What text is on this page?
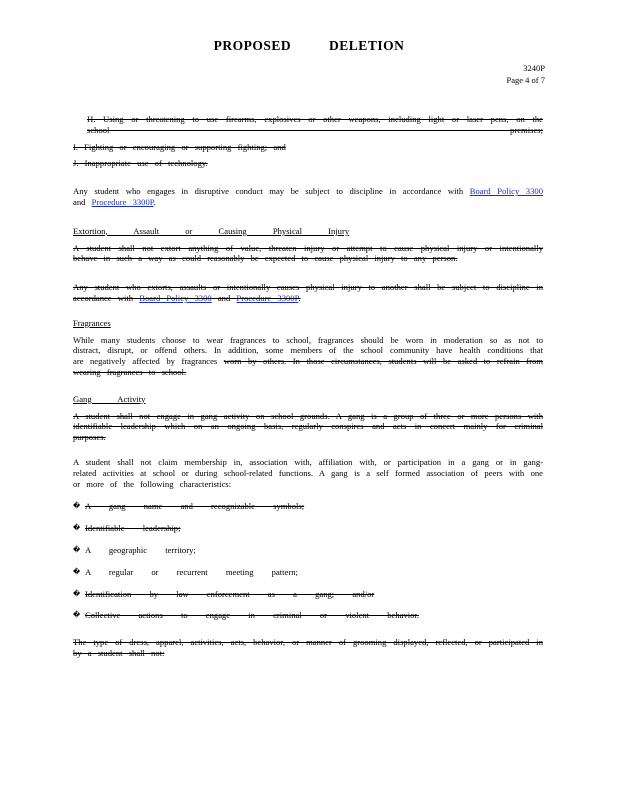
PROPOSED DELETION
3240P
Page 4 of 7

H. Using or threatening to use firearms, explosives or other weapons, including light or laser pens, on the school premises;

I. Fighting or encouraging or supporting fighting; and

J. Inappropriate use of technology.

Any student who engages in disruptive conduct may be subject to discipline in accordance with Board Policy 3300 and Procedure 3300P.

Extortion, Assault or Causing Physical Injury

A student shall not extort anything of value, threaten injury or attempt to cause physical injury or intentionally behave in such a way as could reasonably be expected to cause physical injury to any person.

Any student who extorts, assaults or intentionally causes physical injury to another shall be subject to discipline in accordance with Board Policy 3300 and Procedure 3300P.

Fragrances

While many students choose to wear fragrances to school, fragrances should be worn in moderation so as not to distract, disrupt, or offend others. In addition, some members of the school community have health conditions that are negatively affected by fragrances worn by others. In those circumstances, students will be asked to refrain from wearing fragrances to school.

Gang Activity

A student shall not engage in gang activity on school grounds. A gang is a group of three or more persons with identifiable leadership which on an ongoing basis, regularly conspires and acts in concert mainly for criminal purposes.

A student shall not claim membership in, association with, affiliation with, or participation in a gang or in gang-related activities at school or during school-related functions. A gang is a self formed association of peers with one or more of the following characteristics:

� A gang name and recognizable symbols;
� Identifiable leadership;
� A geographic territory;
� A regular or recurrent meeting pattern;
� Identification by law enforcement as a gang; and/or
� Collective actions to engage in criminal or violent behavior.

The type of dress, apparel, activities, acts, behavior, or manner of grooming displayed, reflected, or participated in by a student shall not:
